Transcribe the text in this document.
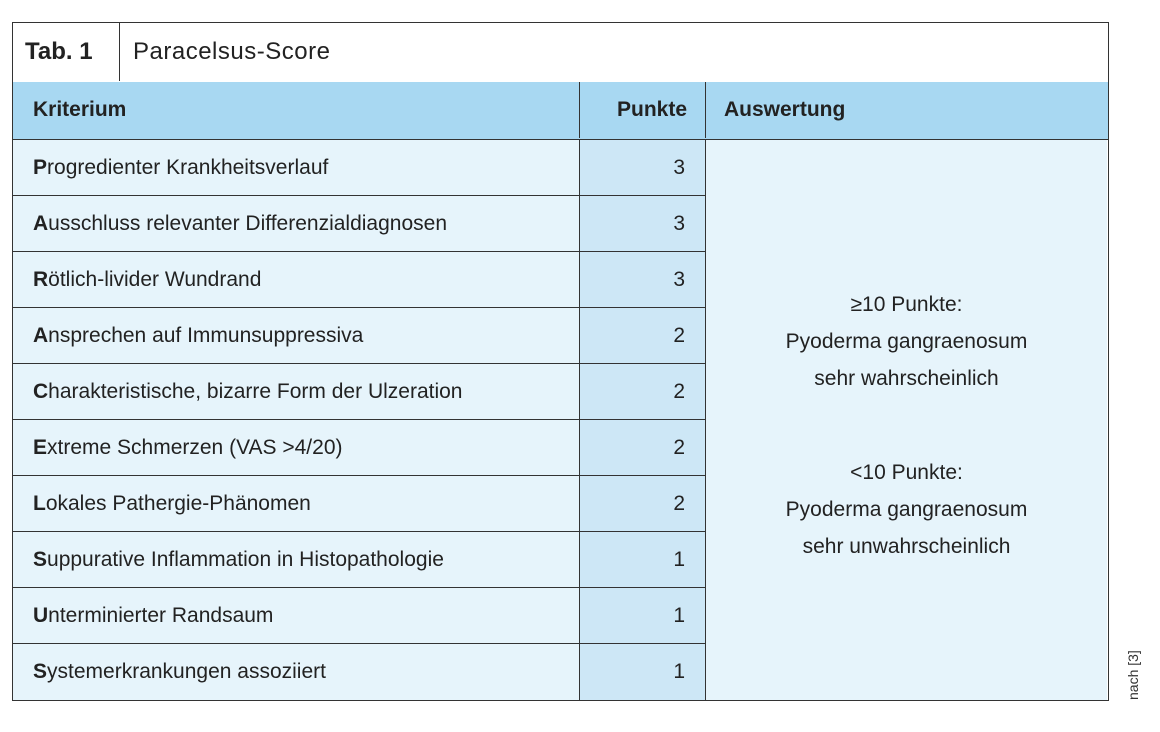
Tab. 1	Paracelsus-Score
Kriterium	Punkte	Auswertung
Progredienter Krankheitsverlauf	3
Ausschluss relevanter Differenzialdiagnosen	3
Rötlich-livider Wundrand	3
Ansprechen auf Immunsuppressiva	2
Charakteristische, bizarre Form der Ulzeration	2
Extreme Schmerzen (VAS >4/20)	2
Lokales Pathergie-Phänomen	2
Suppurative Inflammation in Histopathologie	1
Unterminierter Randsaum	1
Systemerkrankungen assoziiert	1
≥10 Punkte:
Pyoderma gangraenosum
sehr wahrscheinlich
<10 Punkte:
Pyoderma gangraenosum
sehr unwahrscheinlich
nach [3]
